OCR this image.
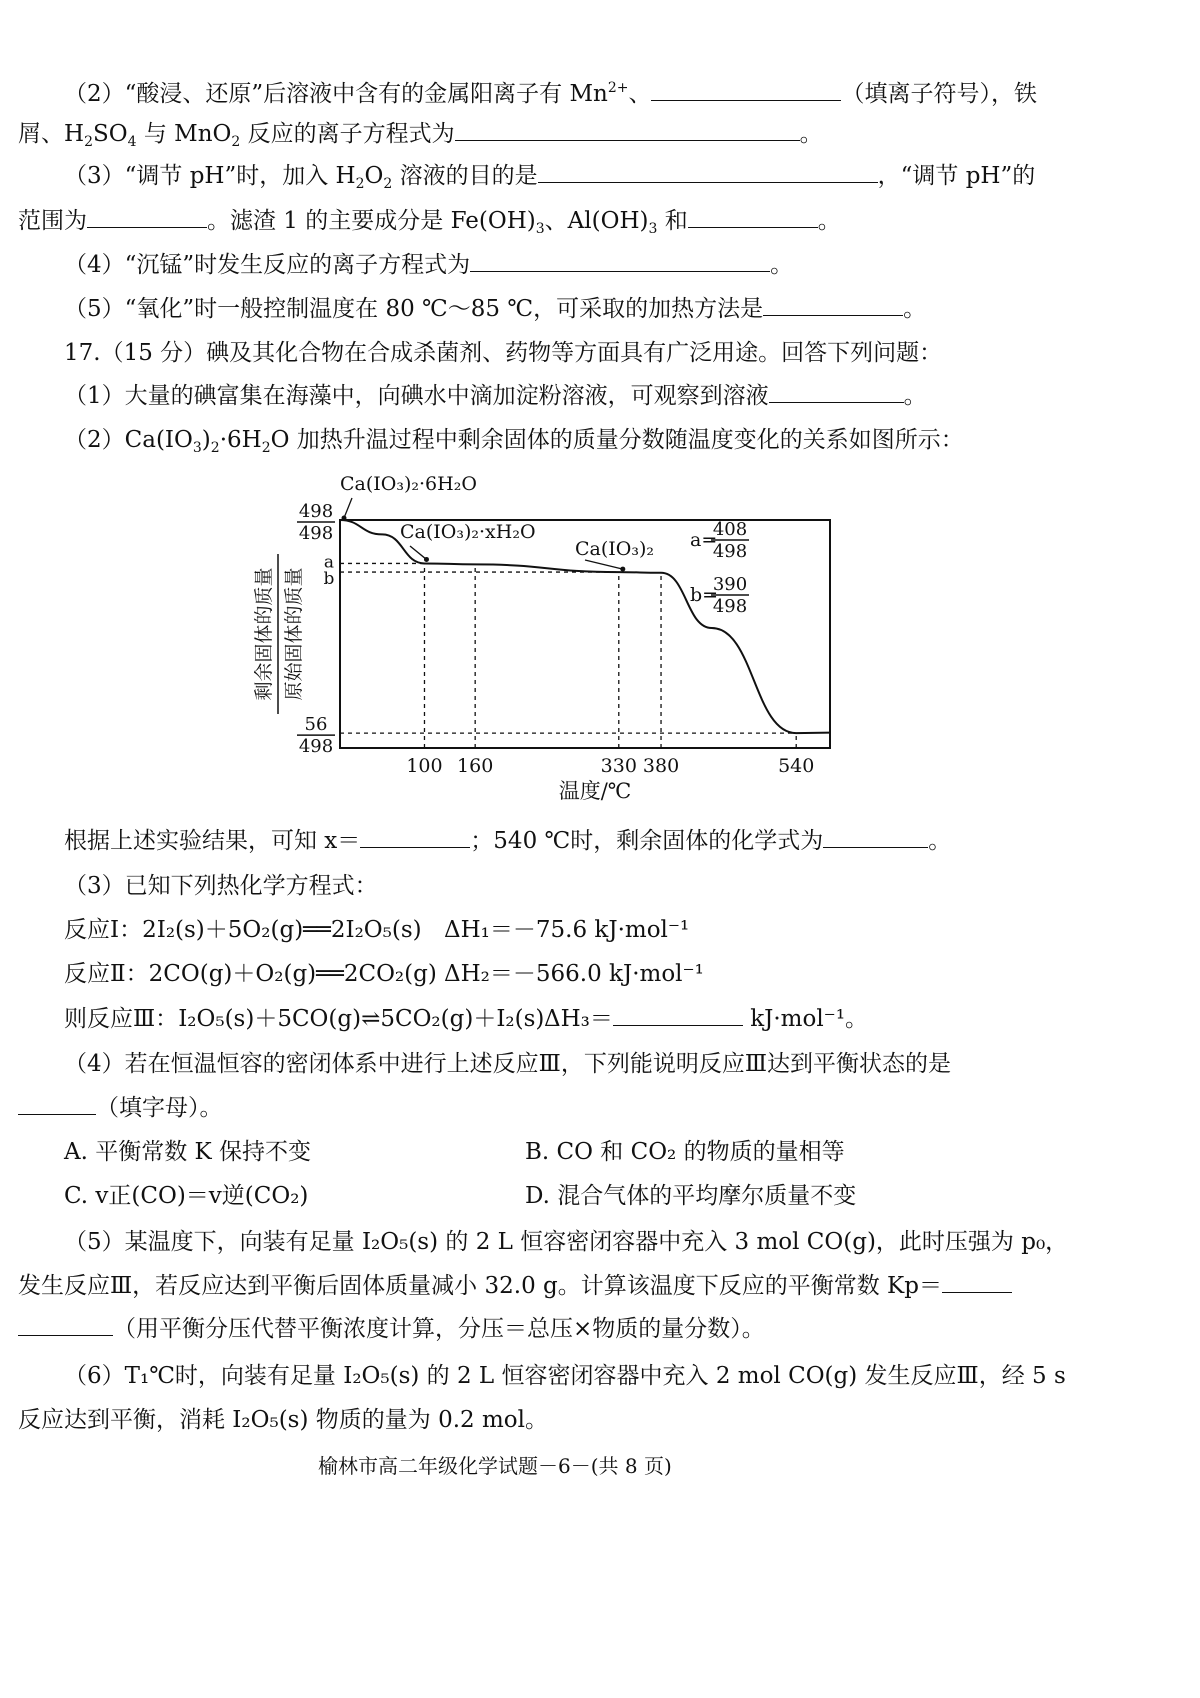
（2）“酸浸、还原”后溶液中含有的金属阳离子有 $Mn^{2+}$、	（填离子符号），铁
屑、$H_2SO_4$ 与 MnO$_2$ 反应的离子方程式为	。
（3）“调节 pH”时，加入 $H_2O_2$ 溶液的目的是	，“调节 pH”的
范围为	。滤渣 1 的主要成分是 $Fe(OH)_3$、$Al(OH)_3$ 和	。
（4）“沉锰”时发生反应的离子方程式为	。
（5）“氧化”时一般控制温度在 80 ℃～85 ℃，可采取的加热方法是	。
17.（15 分）碘及其化合物在合成杀菌剂、药物等方面具有广泛用途。回答下列问题：
（1）大量的碘富集在海藻中，向碘水中滴加淀粉溶液，可观察到溶液	。
$(2)Ca(IO_3)_2\cdot 6H_2O$ 加热升温过程中剩余固体的质量分数随温度变化的关系如图所示：
100 160	330 380	540
温度/℃
498
498
a
b
56
498
剩余固体的质量 原始固体的质量
Ca(IO₃)₂·6H₂O
Ca(IO₃)₂·xH₂O
Ca(IO₃)₂ a=
408
498
b=
390
498
根据上述实验结果，可知 x＝	；540 ℃时，剩余固体的化学式为	。
（3）已知下列热化学方程式：
反应Ⅰ：2I₂(s)＋5O₂(g)══2I₂O₅(s) ΔH₁＝－75.6 kJ·mol⁻¹
反应Ⅱ：2CO(g)＋O₂(g)══2CO₂(g) ΔH₂＝－566.0 kJ·mol⁻¹
则反应Ⅲ：I₂O₅(s)＋5CO(g)⇌5CO₂(g)＋I₂(s) ΔH₃＝	kJ·mol⁻¹。
（4）若在恒温恒容的密闭体系中进行上述反应Ⅲ，下列能说明反应Ⅲ达到平衡状态的是
（填字母）。
A. 平衡常数 K 保持不变	B. CO 和 CO₂ 的物质的量相等
C. v正(CO)＝v逆(CO₂)	D. 混合气体的平均摩尔质量不变
（5）某温度下，向装有足量 I₂O₅(s) 的 2 L 恒容密闭容器中充入 3 mol CO(g)，此时压强为 p₀，
发生反应Ⅲ，若反应达到平衡后固体质量减小 32.0 g。计算该温度下反应的平衡常数 Kp＝
（用平衡分压代替平衡浓度计算，分压＝总压×物质的量分数）。
（6）T₁℃时，向装有足量 I₂O₅(s) 的 2 L 恒容密闭容器中充入 2 mol CO(g) 发生反应Ⅲ，经 5 s
反应达到平衡，消耗 I₂O₅(s) 物质的量为 0.2 mol。
榆林市高二年级化学试题－6－(共 8 页)
